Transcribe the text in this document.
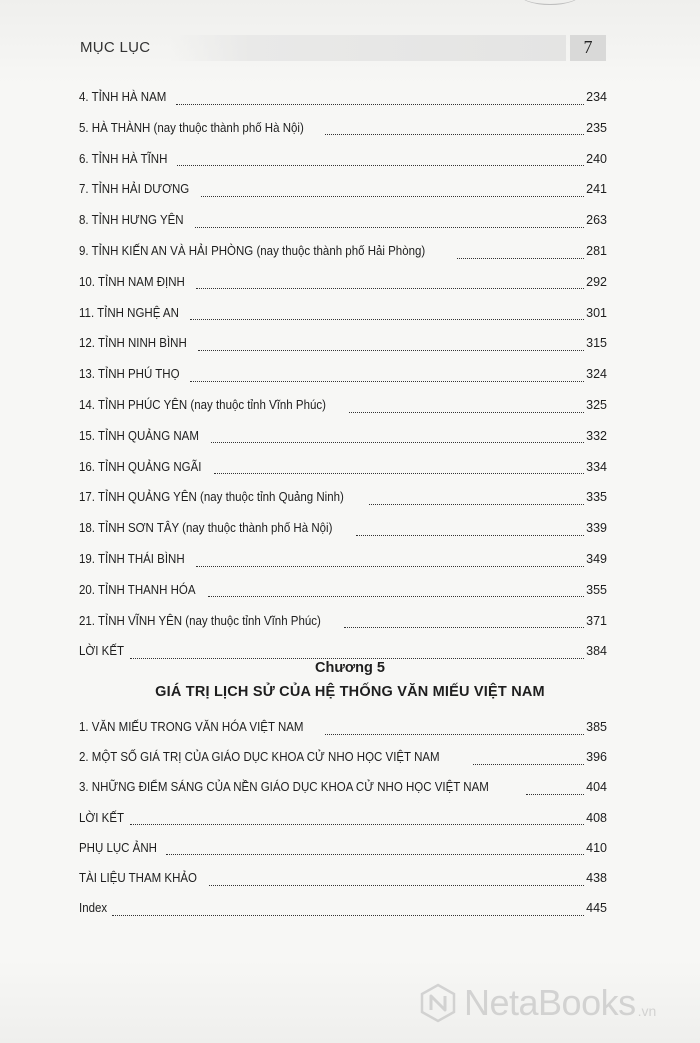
MỤC LỤC	7
4. TỈNH HÀ NAM	234
5. HÀ THÀNH (nay thuộc thành phố Hà Nội)	235
6. TỈNH HÀ TĨNH	240
7. TỈNH HẢI DƯƠNG	241
8. TỈNH HƯNG YÊN	263
9. TỈNH KIẾN AN VÀ HẢI PHÒNG (nay thuộc thành phố Hải Phòng)	281
10. TỈNH NAM ĐỊNH	292
11. TỈNH NGHỆ AN	301
12. TỈNH NINH BÌNH	315
13. TỈNH PHÚ THỌ	324
14. TỈNH PHÚC YÊN (nay thuộc tỉnh Vĩnh Phúc)	325
15. TỈNH QUẢNG NAM	332
16. TỈNH QUẢNG NGÃI	334
17. TỈNH QUẢNG YÊN (nay thuộc tỉnh Quảng Ninh)	335
18. TỈNH SƠN TÂY (nay thuộc thành phố Hà Nội)	339
19. TỈNH THÁI BÌNH	349
20. TỈNH THANH HÓA	355
21. TỈNH VĨNH YÊN (nay thuộc tỉnh Vĩnh Phúc)	371
LỜI KẾT	384
Chương 5
GIÁ TRỊ LỊCH SỬ CỦA HỆ THỐNG VĂN MIẾU VIỆT NAM
1. VĂN MIẾU TRONG VĂN HÓA VIỆT NAM	385
2. MỘT SỐ GIÁ TRỊ CỦA GIÁO DỤC KHOA CỬ NHO HỌC VIỆT NAM	396
3. NHỮNG ĐIỂM SÁNG CỦA NỀN GIÁO DỤC KHOA CỬ NHO HỌC VIỆT NAM	404
LỜI KẾT	408
PHỤ LỤC ẢNH	410
TÀI LIỆU THAM KHẢO	438
Index	445
NetaBooks .vn
